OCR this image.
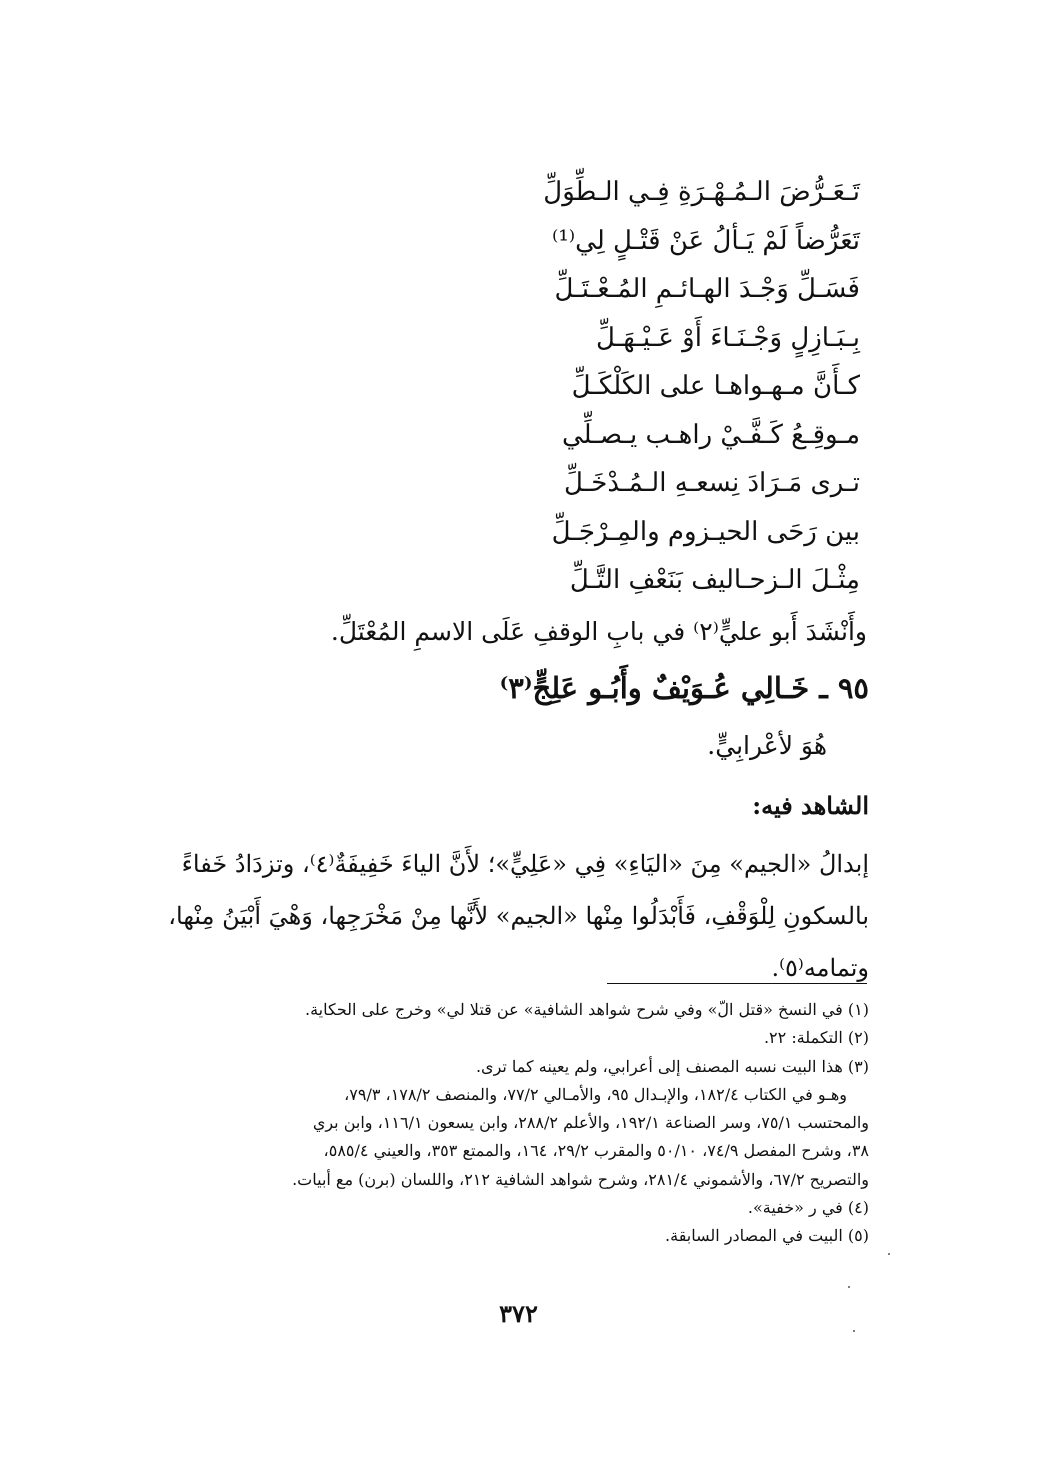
تَـعَـرُّضَ الـمُـهْـرَةِ فِـي الـطِّوَلِّ
تَعَرُّضاً لَمْ يَـألُ عَنْ قَتْـلٍ لِي⁽¹⁾
فَسَـلِّ وَجْـدَ الهـائـمِ المُـعْـتَـلِّ
بِـبَـازِلٍ وَجْـنَـاءَ أَوْ عَـيْـهَـلِّ
كـأَنَّ مـهـواهـا على الكَلْكَـلِّ
مـوقِـعُ كَـفَّـيْ راهـب يـصـلِّي
تـرى مَـرَادَ نِسعـهِ الـمُـدْخَـلِّ
بين رَحَى الحيـزوم والمِـرْجَـلِّ
مِثْـلَ الـزحـاليف بَنَعْفِ التَّـلِّ
وأَنْشَدَ أَبو عليٍّ⁽٢⁾ في بابِ الوقفِ عَلَى الاسمِ المُعْتَلِّ.
٩٥ ـ خَـالِي عُـوَيْفٌ وأَبُـو عَلِجٍّ⁽٣⁾
هُوَ لأعْرابِيٍّ.
الشاهد فيه:
إبدالُ «الجيم» مِنَ «اليَاءِ» فِي «عَلِيٍّ»؛ لأَنَّ الياءَ خَفِيفَةٌ⁽٤⁾، وتزدَادُ خَفاءً
بالسكونِ لِلْوَقْفِ، فَأَبْدَلُوا مِنْها «الجيم» لأَنَّها مِنْ مَخْرَجِها، وَهْيَ أَبْيَنُ مِنْها،
وتمامه⁽٥⁾.
(١) في النسخ «قتل الّ» وفي شرح شواهد الشافية» عن قتلا لي» وخرج على الحكاية.
(٢) التكملة: ٢٢.
(٣) هذا البيت نسبه المصنف إلى أعرابي، ولم يعينه كما ترى.
وهـو في الكتاب ١٨٢/٤، والإبـدال ٩٥، والأمـالي ٧٧/٢، والمنصف ١٧٨/٢، ٧٩/٣،
والمحتسب ٧٥/١، وسر الصناعة ١٩٢/١، والأعلم ٢٨٨/٢، وابن يسعون ١١٦/١، وابن بري
٣٨، وشرح المفصل ٧٤/٩، ٥٠/١٠ والمقرب ٢٩/٢، ١٦٤، والممتع ٣٥٣، والعيني ٥٨٥/٤،
والتصريح ٦٧/٢، والأشموني ٢٨١/٤، وشرح شواهد الشافية ٢١٢، واللسان (برن) مع أبيات.
(٤) في ر «خفية».
(٥) البيت في المصادر السابقة.
٣٧٢
